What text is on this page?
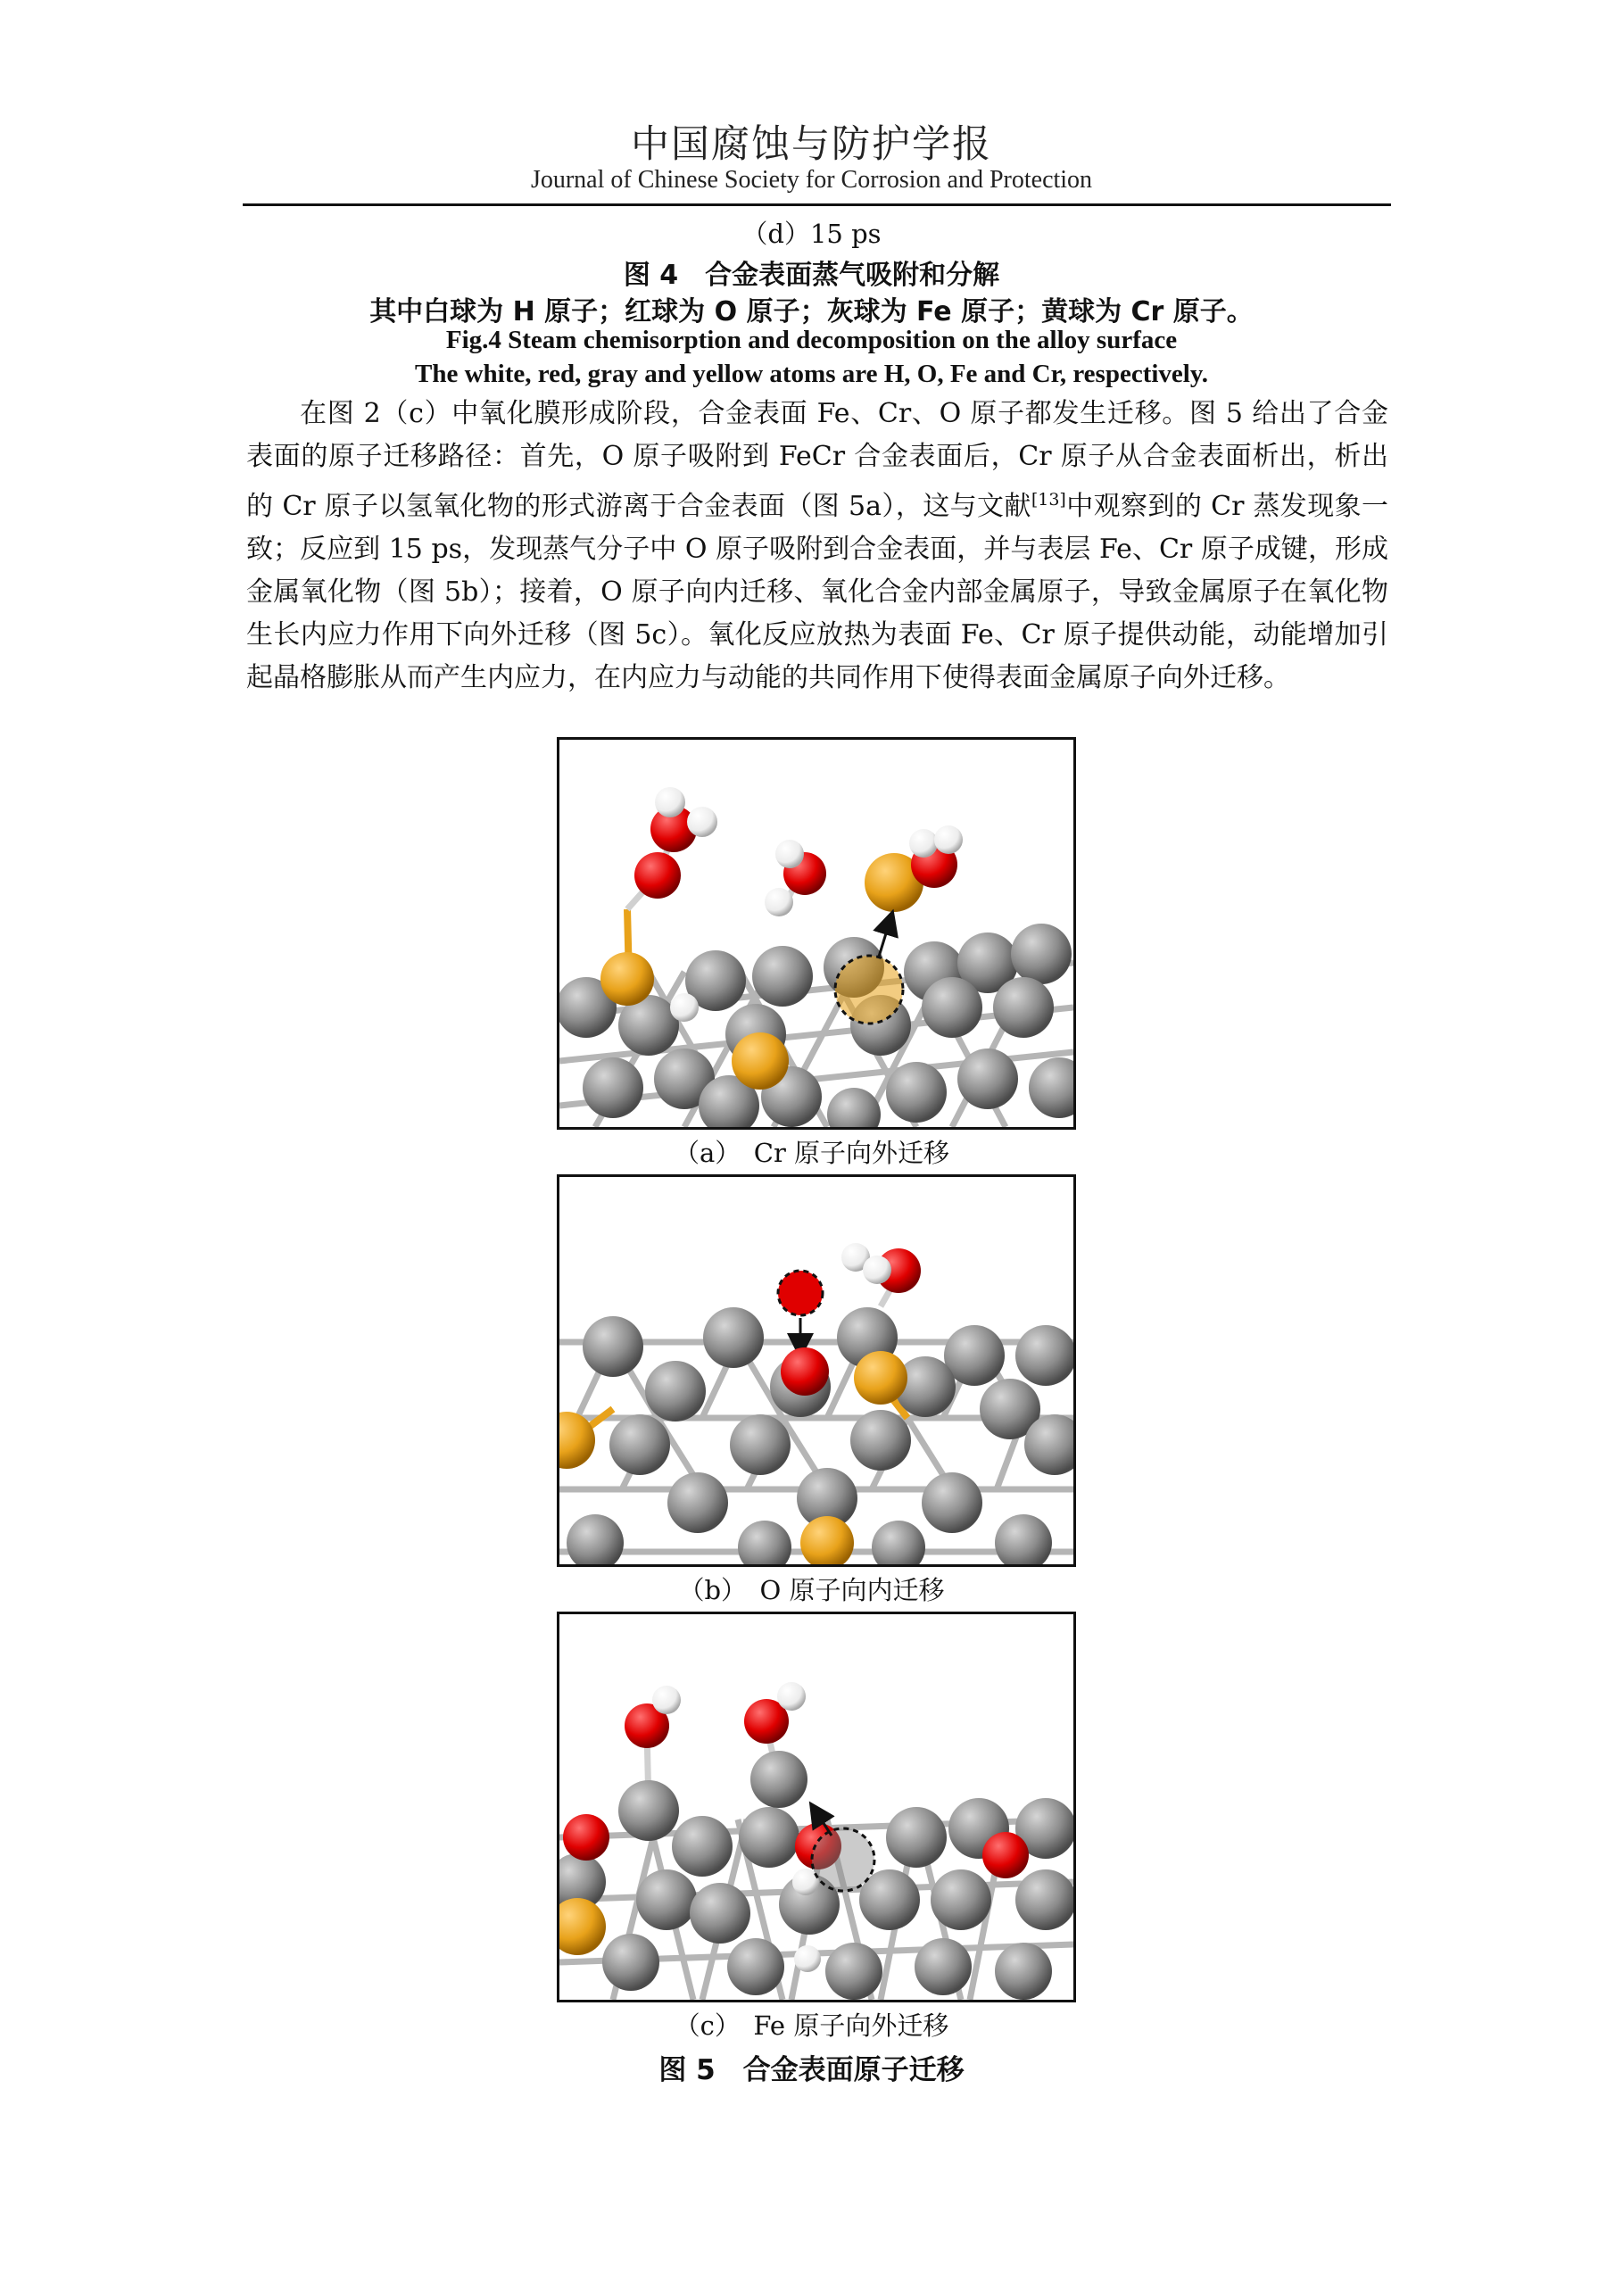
中国腐蚀与防护学报
Journal of Chinese Society for Corrosion and Protection
（d）15 ps
图 4　合金表面蒸气吸附和分解
其中白球为 H 原子；红球为 O 原子；灰球为 Fe 原子；黄球为 Cr 原子。
Fig.4 Steam chemisorption and decomposition on the alloy surface
The white, red, gray and yellow atoms are H, O, Fe and Cr, respectively.
在图 2（c）中氧化膜形成阶段，合金表面 Fe、Cr、O 原子都发生迁移。图 5 给出了合金表面的原子迁移路径：首先，O 原子吸附到 FeCr 合金表面后，Cr 原子从合金表面析出，析出的 Cr 原子以氢氧化物的形式游离于合金表面（图 5a），这与文献[13]中观察到的 Cr 蒸发现象一致；反应到 15 ps，发现蒸气分子中 O 原子吸附到合金表面，并与表层 Fe、Cr 原子成键，形成金属氧化物（图 5b）；接着，O 原子向内迁移、氧化合金内部金属原子，导致金属原子在氧化物生长内应力作用下向外迁移（图 5c）。氧化反应放热为表面 Fe、Cr 原子提供动能，动能增加引起晶格膨胀从而产生内应力，在内应力与动能的共同作用下使得表面金属原子向外迁移。
（a）　Cr 原子向外迁移
（b）　O 原子向内迁移
（c）　Fe 原子向外迁移
图 5　合金表面原子迁移
